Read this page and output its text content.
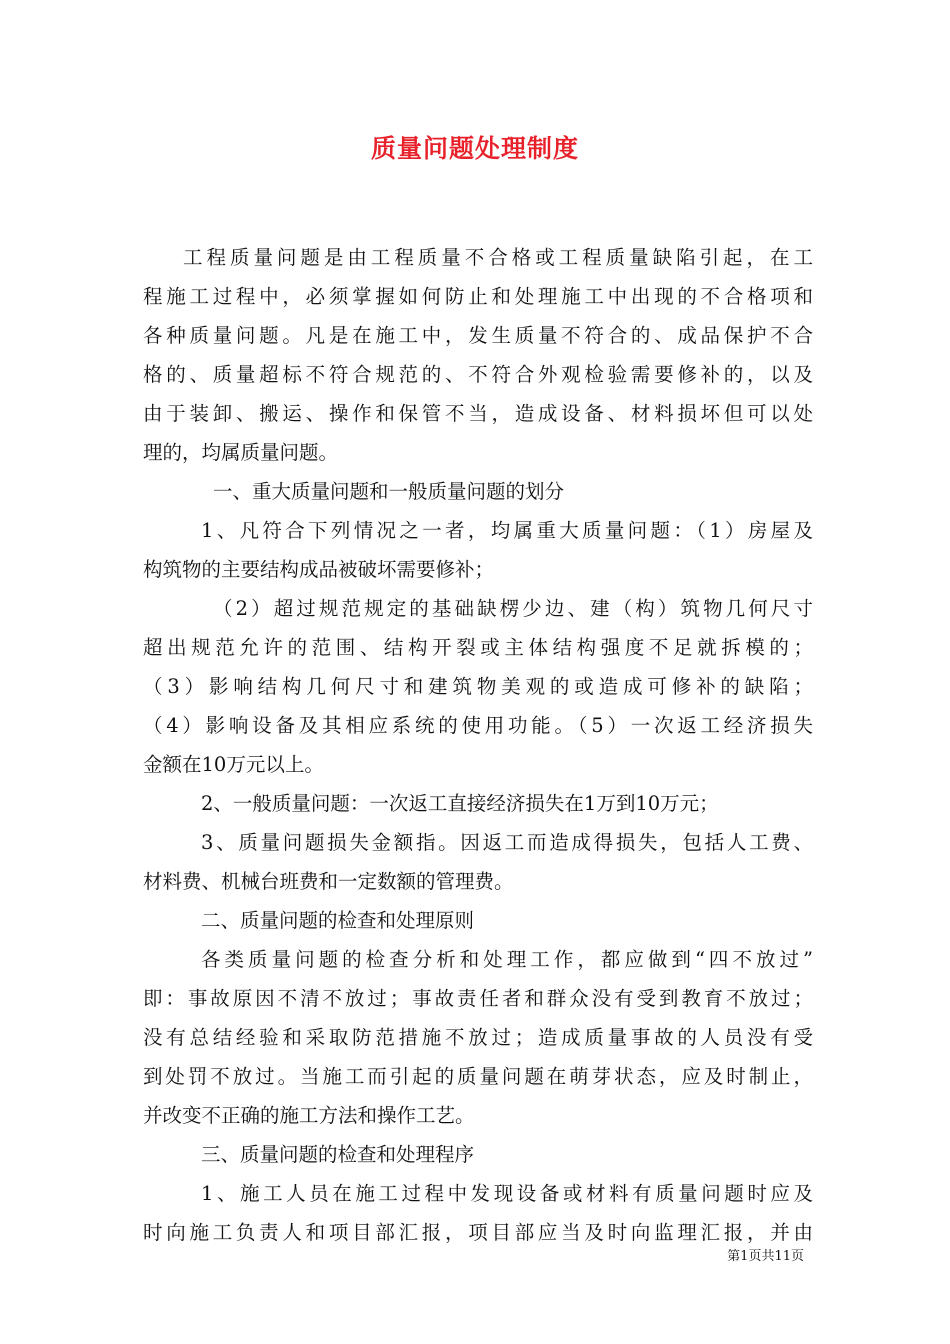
质量问题处理制度
工程质量问题是由工程质量不合格或工程质量缺陷引起，在工
程施工过程中，必须掌握如何防止和处理施工中出现的不合格项和
各种质量问题。凡是在施工中，发生质量不符合的、成品保护不合
格的、质量超标不符合规范的、不符合外观检验需要修补的，以及
由于装卸、搬运、操作和保管不当，造成设备、材料损坏但可以处
理的，均属质量问题。
一、重大质量问题和一般质量问题的划分
1、凡符合下列情况之一者，均属重大质量问题：（1）房屋及
构筑物的主要结构成品被破坏需要修补；
（2）超过规范规定的基础缺楞少边、建（构）筑物几何尺寸
超出规范允许的范围、结构开裂或主体结构强度不足就拆模的；
（3）影响结构几何尺寸和建筑物美观的或造成可修补的缺陷；
（4）影响设备及其相应系统的使用功能。（5）一次返工经济损失
金额在10万元以上。
2、一般质量问题：一次返工直接经济损失在1万到10万元；
3、质量问题损失金额指。因返工而造成得损失，包括人工费、
材料费、机械台班费和一定数额的管理费。
二、质量问题的检查和处理原则
各类质量问题的检查分析和处理工作，都应做到“四不放过”
即：事故原因不清不放过；事故责任者和群众没有受到教育不放过；
没有总结经验和采取防范措施不放过；造成质量事故的人员没有受
到处罚不放过。当施工而引起的质量问题在萌芽状态，应及时制止，
并改变不正确的施工方法和操作工艺。
三、质量问题的检查和处理程序
1、施工人员在施工过程中发现设备或材料有质量问题时应及
时向施工负责人和项目部汇报，项目部应当及时向监理汇报，并由
第1页共11页
